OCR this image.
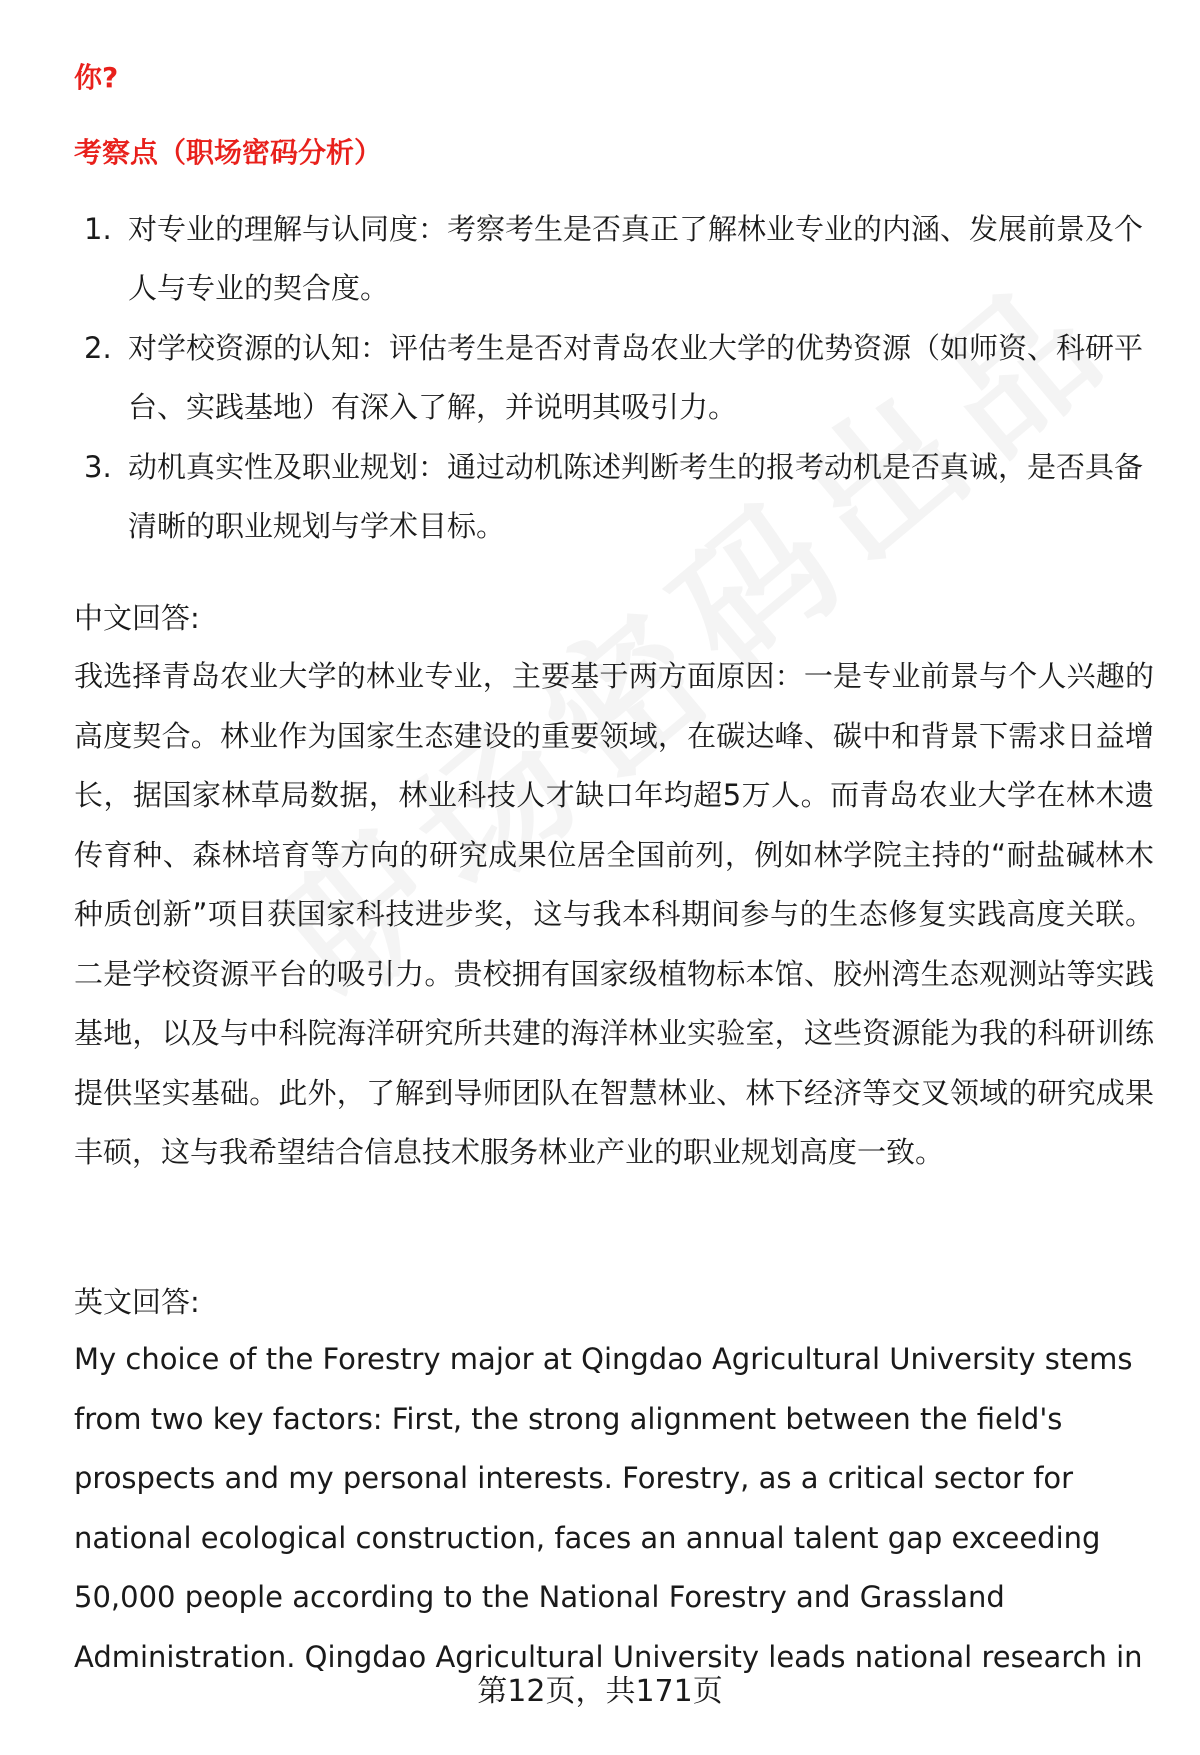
你?
考察点（职场密码分析）
1. 对专业的理解与认同度：考察考生是否真正了解林业专业的内涵、发展前景及个人与专业的契合度。
2. 对学校资源的认知：评估考生是否对青岛农业大学的优势资源（如师资、科研平台、实践基地）有深入了解，并说明其吸引力。
3. 动机真实性及职业规划：通过动机陈述判断考生的报考动机是否真诚，是否具备清晰的职业规划与学术目标。
中文回答:

我选择青岛农业大学的林业专业，主要基于两方面原因：一是专业前景与个人兴趣的高度契合。林业作为国家生态建设的重要领域，在碳达峰、碳中和背景下需求日益增长，据国家林草局数据，林业科技人才缺口年均超5万人。而青岛农业大学在林木遗传育种、森林培育等方向的研究成果位居全国前列，例如林学院主持的“耐盐碱林木种质创新”项目获国家科技进步奖，这与我本科期间参与的生态修复实践高度关联。二是学校资源平台的吸引力。贵校拥有国家级植物标本馆、胶州湾生态观测站等实践基地，以及与中科院海洋研究所共建的海洋林业实验室，这些资源能为我的科研训练提供坚实基础。此外，了解到导师团队在智慧林业、林下经济等交叉领域的研究成果丰硕，这与我希望结合信息技术服务林业产业的职业规划高度一致。

英文回答:
My choice of the Forestry major at Qingdao Agricultural University stems
from two key factors: First, the strong alignment between the field's
prospects and my personal interests. Forestry, as a critical sector for
national ecological construction, faces an annual talent gap exceeding
50,000 people according to the National Forestry and Grassland
Administration. Qingdao Agricultural University leads national research in
第12页，共171页
